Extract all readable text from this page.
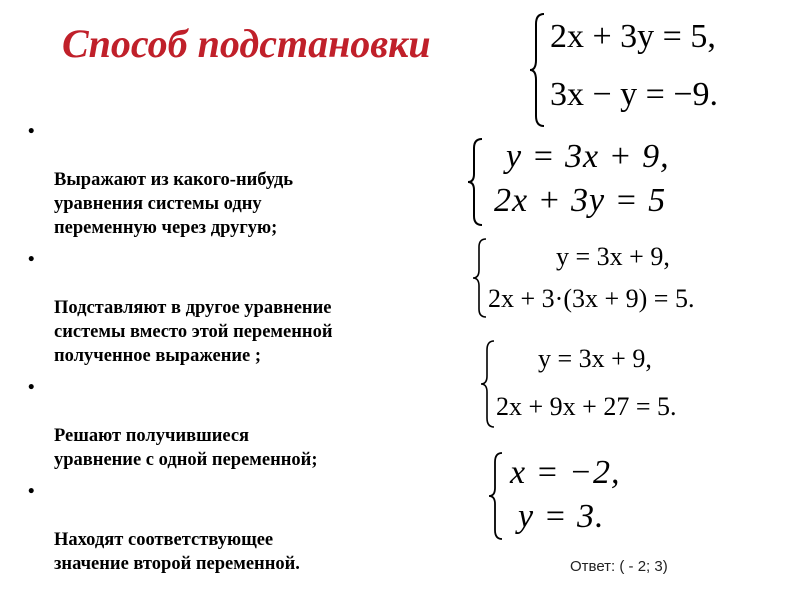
Способ подстановки

•

Выражают из какого-нибудь
уравнения системы одну
переменную через другую;

•

Подставляют в другое уравнение
системы вместо этой переменной
полученное выражение ;

•

Решают получившиеся
уравнение с одной переменной;

•

Находят соответствующее
значение второй переменной.

2x + 3y = 5,
3x − y = −9.
y = 3x + 9,
2x + 3y = 5
y = 3x + 9,
2x + 3·(3x + 9) = 5.
y = 3x + 9,
2x + 9x + 27 = 5.
x = −2,
y = 3.
Ответ: ( - 2; 3)
